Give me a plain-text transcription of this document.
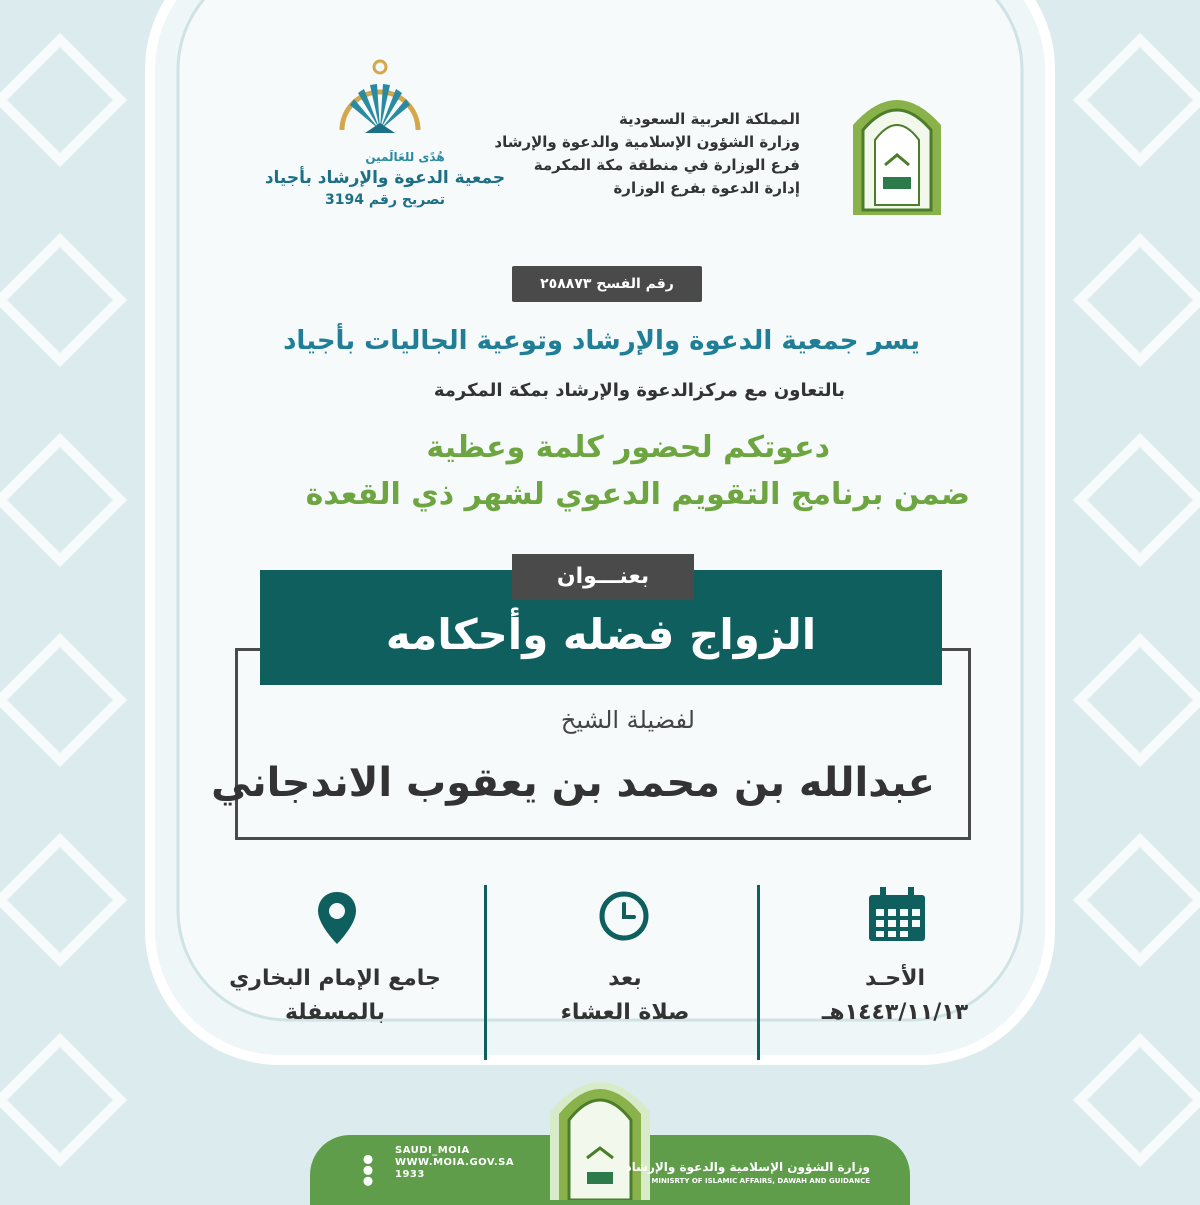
المملكة العربية السعودية
وزارة الشؤون الإسلامية والدعوة والإرشاد
فرع الوزارة في منطقة مكة المكرمة
إدارة الدعوة بفرع الوزارة
هُدًى للعَالَمين
جمعية الدعوة والإرشاد بأجياد
تصريح رقم 3194
رقم الفسح ٢٥٨٨٧٣
يسر جمعية الدعوة والإرشاد وتوعية الجاليات بأجياد
بالتعاون مع مركزالدعوة والإرشاد بمكة المكرمة
دعوتكم لحضور كلمة وعظية
ضمن برنامج التقويم الدعوي لشهر ذي القعدة
بعنـــوان
الزواج فضله وأحكامه
لفضيلة الشيخ
عبدالله بن محمد بن يعقوب الاندجاني
جامع الإمام البخاري
بالمسفلة
بعد
صلاة العشاء
الأحـد
١٤٤٣/١١/١٣هـ
SAUDI_MOIA
WWW.MOIA.GOV.SA
1933
وزارة الشؤون الإسلامية والدعوة والإرشاد
MINISRTY OF ISLAMIC AFFAIRS, DAWAH AND GUIDANCE
